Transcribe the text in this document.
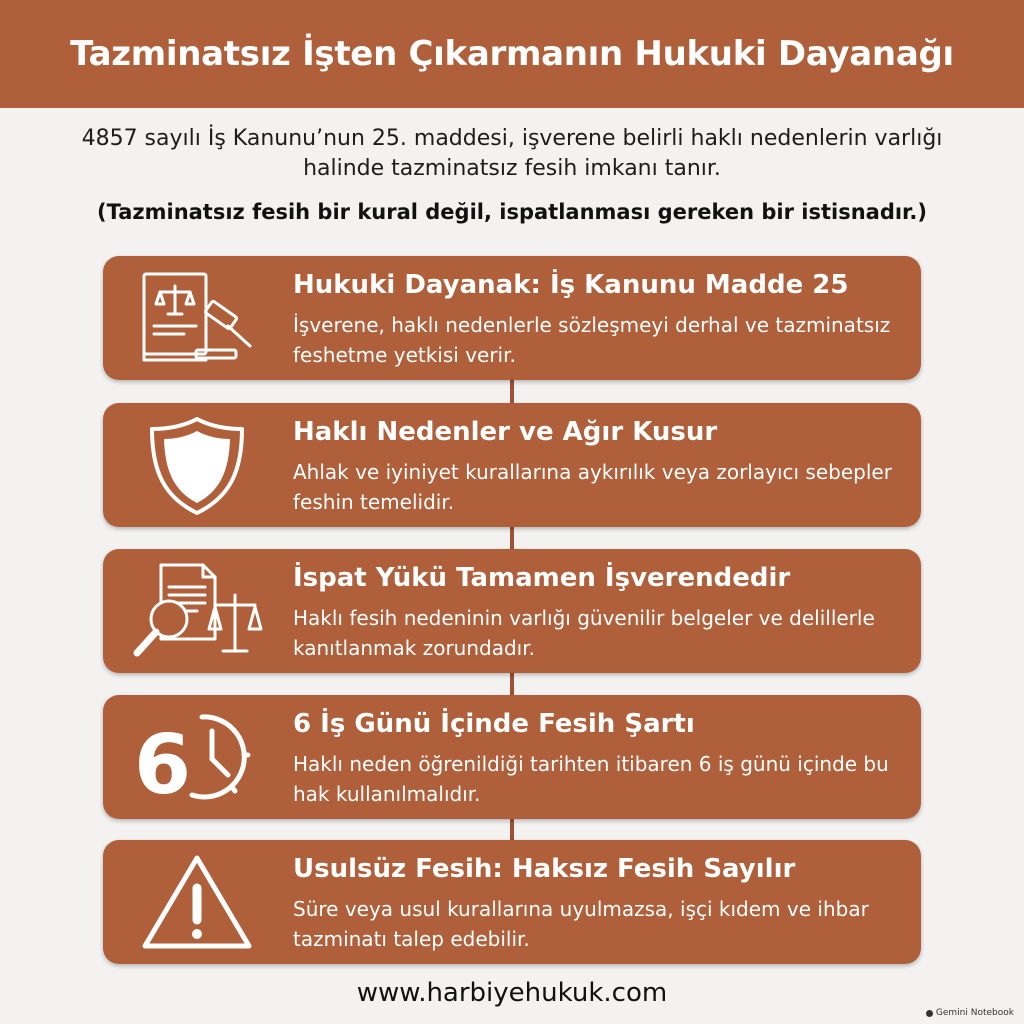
Tazminatsız İşten Çıkarmanın Hukuki Dayanağı
4857 sayılı İş Kanunu’nun 25. maddesi, işverene belirli haklı nedenlerin varlığı halinde tazminatsız fesih imkanı tanır.
(Tazminatsız fesih bir kural değil, ispatlanması gereken bir istisnadır.)
Hukuki Dayanak: İş Kanunu Madde 25
İşverene, haklı nedenlerle sözleşmeyi derhal ve tazminatsız feshetme yetkisi verir.
Haklı Nedenler ve Ağır Kusur
Ahlak ve iyiniyet kurallarına aykırılık veya zorlayıcı sebepler feshin temelidir.
İspat Yükü Tamamen İşverendedir
Haklı fesih nedeninin varlığı güvenilir belgeler ve delillerle kanıtlanmak zorundadır.
6	6 İş Günü İçinde Fesih Şartı
Haklı neden öğrenildiği tarihten itibaren 6 iş günü içinde bu hak kullanılmalıdır.
Usulsüz Fesih: Haksız Fesih Sayılır
Süre veya usul kurallarına uyulmazsa, işçi kıdem ve ihbar tazminatı talep edebilir.
www.harbiyehukuk.com
Gemini Notebook
